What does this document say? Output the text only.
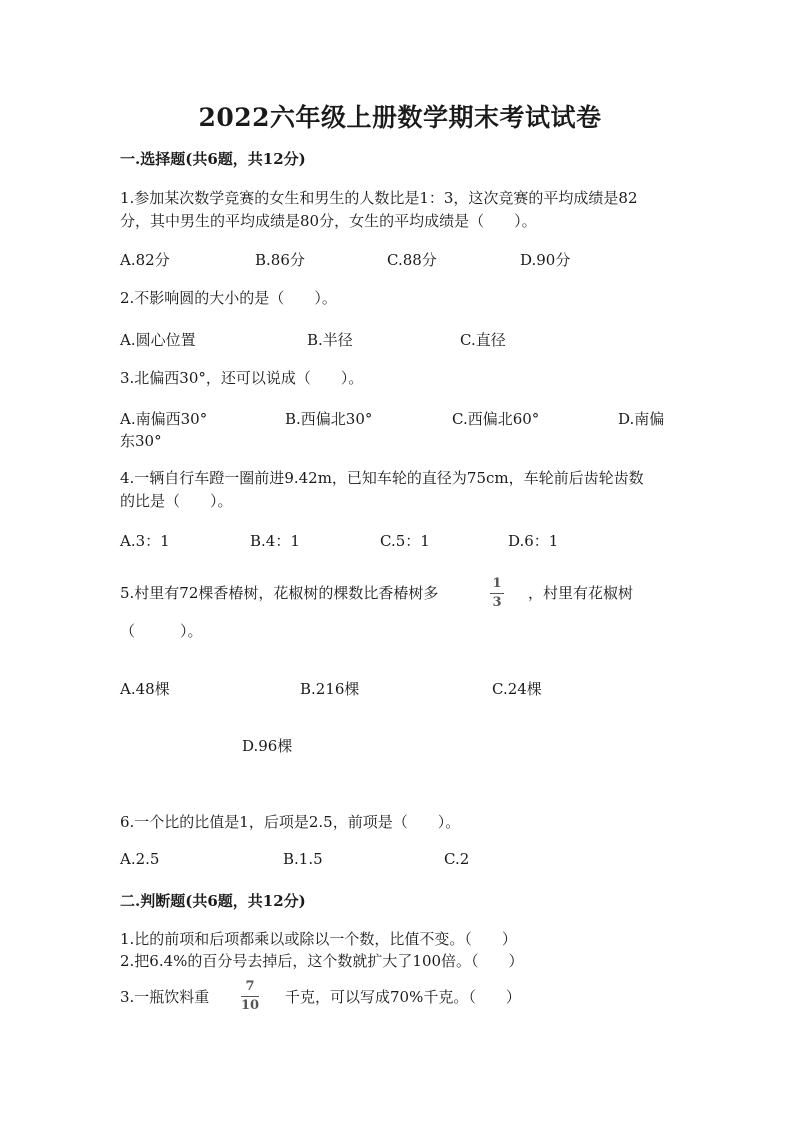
2022六年级上册数学期末考试试卷
一.选择题(共6题，共12分)
1.参加某次数学竞赛的女生和男生的人数比是1：3，这次竞赛的平均成绩是82
分，其中男生的平均成绩是80分，女生的平均成绩是（　　）。
A.82分	B.86分	C.88分	D.90分
2.不影响圆的大小的是（　　）。
A.圆心位置	B.半径	C.直径
3.北偏西30°，还可以说成（　　）。
A.南偏西30°	B.西偏北30°	C.西偏北60°	D.南偏
东30°
4.一辆自行车蹬一圈前进9.42m，已知车轮的直径为75cm，车轮前后齿轮齿数
的比是（　　）。
A.3：1	B.4：1	C.5：1	D.6：1
5.村里有72棵香椿树，花椒树的棵数比香椿树多
1
3
，村里有花椒树
（　　　）。
A.48棵	B.216棵	C.24棵
D.96棵
6.一个比的比值是1，后项是2.5，前项是（　　）。
A.2.5	B.1.5	C.2
二.判断题(共6题，共12分)
1.比的前项和后项都乘以或除以一个数，比值不变。（　　）
2.把6.4%的百分号去掉后，这个数就扩大了100倍。（　　）
3.一瓶饮料重
7
10 千克，可以写成70%千克。（　　）
